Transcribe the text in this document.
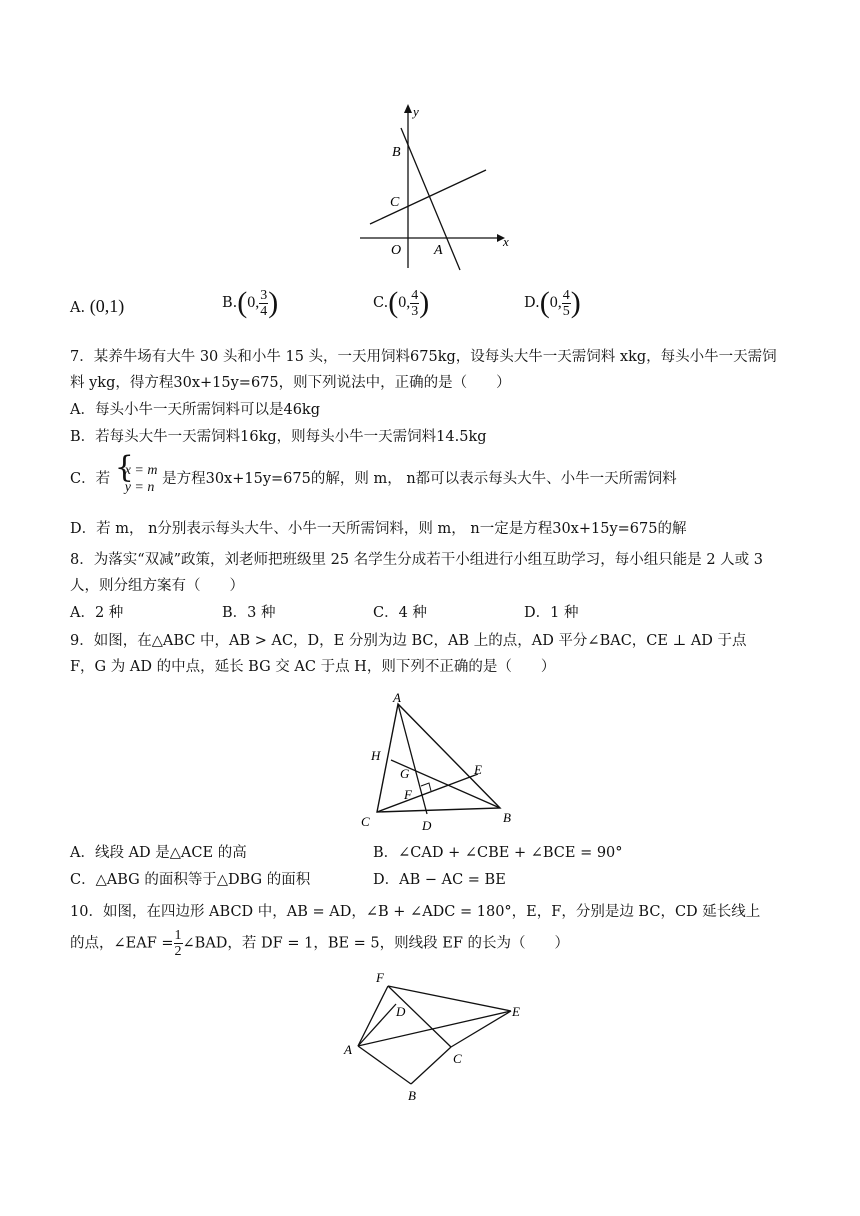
y
x
B
C
O A
A. (0,1)	B.(0, $\frac{3}{4}$ )	C.(0, $\frac{4}{3}$ )	D.(0, $\frac{4}{5}$ )
7．某养牛场有大牛 30 头和小牛 15 头，一天用饲料675kg，设每头大牛一天需饲料 xkg，每头小牛一天需饲
料 ykg，得方程30x+15y=675，则下列说法中，正确的是（　　）
A．每头小牛一天所需饲料可以是46kg
B．若每头大牛一天需饲料16kg，则每头小牛一天需饲料14.5kg
C．若 {
x = m
y = n
是方程30x+15y=675的解，则 m， n都可以表示每头大牛、小牛一天所需饲料
D．若 m， n分别表示每头大牛、小牛一天所需饲料，则 m， n一定是方程30x+15y=675的解
8．为落实“双减”政策，刘老师把班级里 25 名学生分成若干小组进行小组互助学习，每小组只能是 2 人或 3
人，则分组方案有（　　）
A．2 种	B．3 种	C．4 种	D．1 种
9．如图，在△ABC 中，AB > AC，D，E 分别为边 BC，AB 上的点，AD 平分∠BAC，CE ⊥ AD 于点
F，G 为 AD 的中点，延长 BG 交 AC 于点 H，则下列不正确的是（　　）
A
H
G	E
F
C	D
B
A．线段 AD 是△ACE 的高	B．∠CAD + ∠CBE + ∠BCE = 90°
C．△ABG 的面积等于△DBG 的面积	D．AB − AC = BE
10．如图，在四边形 ABCD 中，AB = AD，∠B + ∠ADC = 180°，E，F，分别是边 BC，CD 延长线上
的点，∠EAF = $\frac{1}{2}$ ∠BAD，若 DF = 1，BE = 5，则线段 EF 的长为（　　）
F
D	E
A
C
B
